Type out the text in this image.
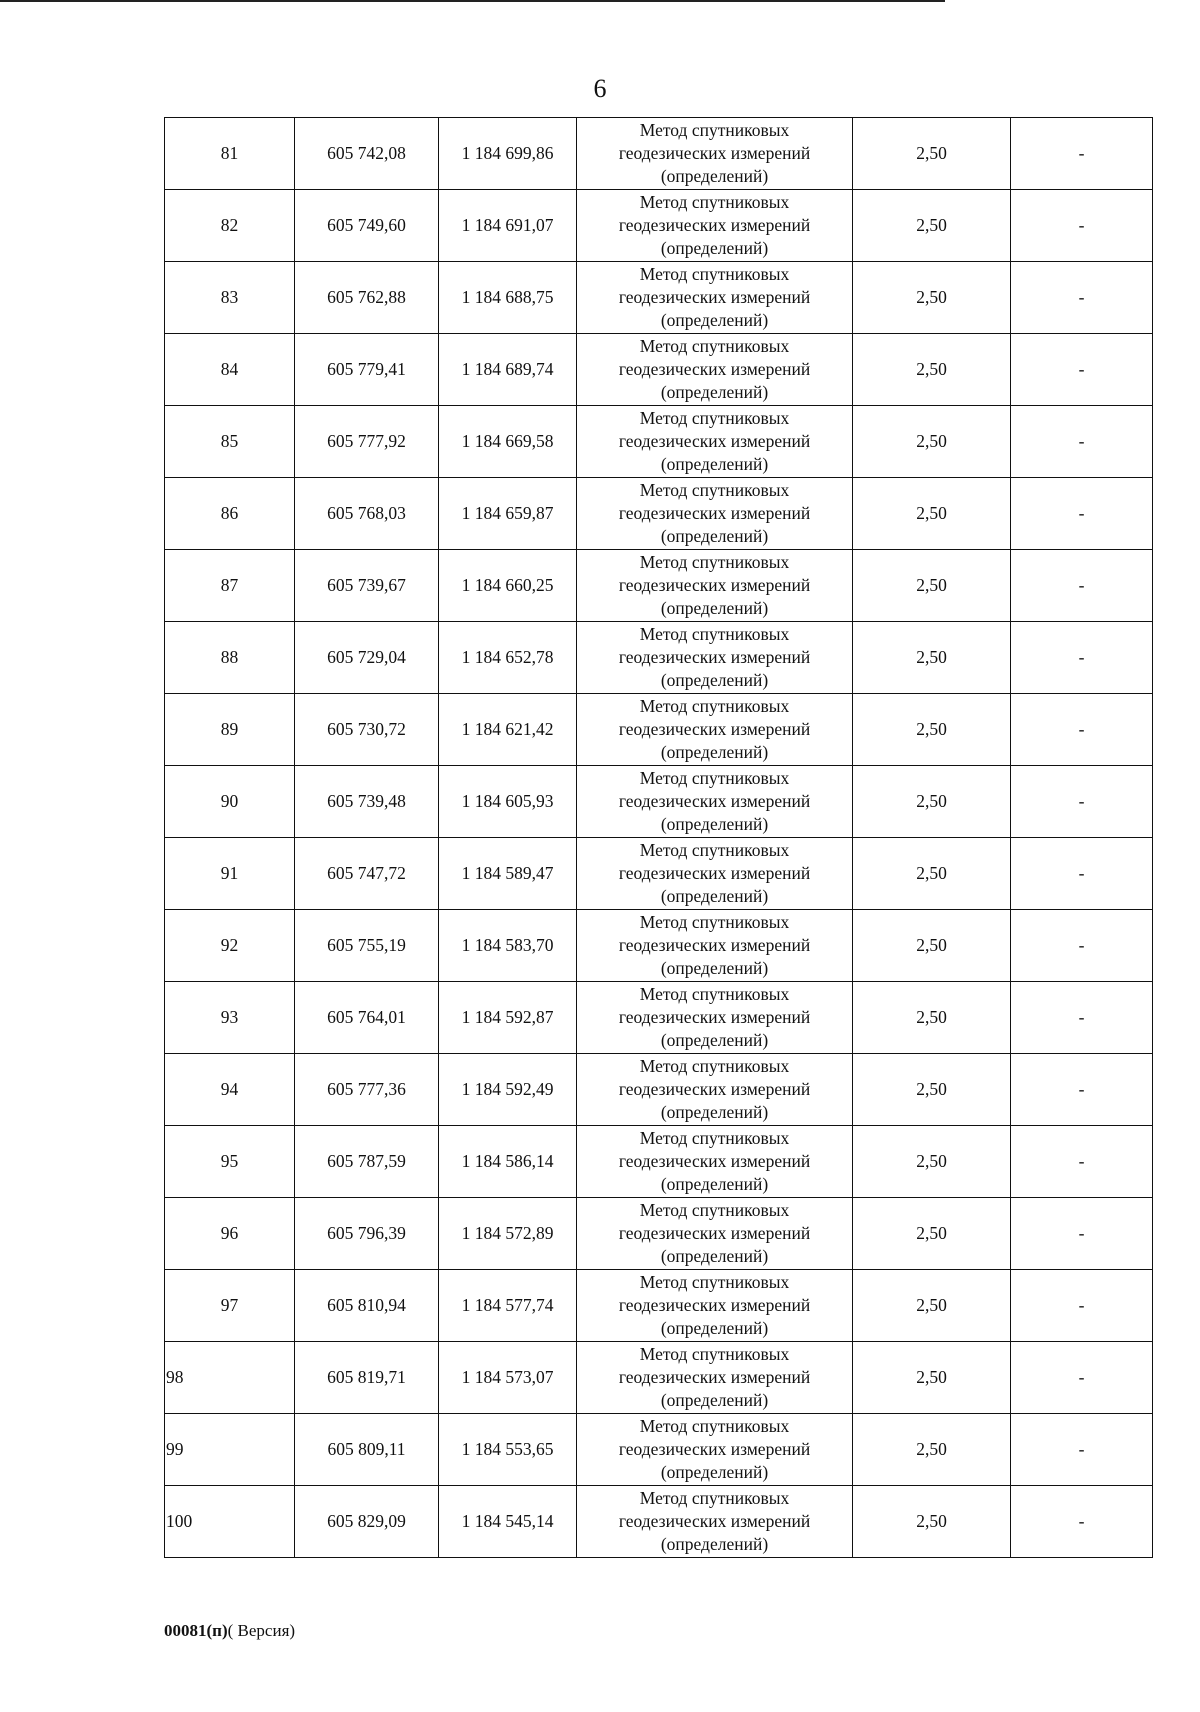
6
81	605 742,08	1 184 699,86	Метод спутниковых
геодезических измерений
(определений)	2,50	-
82	605 749,60	1 184 691,07	Метод спутниковых
геодезических измерений
(определений)	2,50	-
83	605 762,88	1 184 688,75	Метод спутниковых
геодезических измерений
(определений)	2,50	-
84	605 779,41	1 184 689,74	Метод спутниковых
геодезических измерений
(определений)	2,50	-
85	605 777,92	1 184 669,58	Метод спутниковых
геодезических измерений
(определений)	2,50	-
86	605 768,03	1 184 659,87	Метод спутниковых
геодезических измерений
(определений)	2,50	-
87	605 739,67	1 184 660,25	Метод спутниковых
геодезических измерений
(определений)	2,50	-
88	605 729,04	1 184 652,78	Метод спутниковых
геодезических измерений
(определений)	2,50	-
89	605 730,72	1 184 621,42	Метод спутниковых
геодезических измерений
(определений)	2,50	-
90	605 739,48	1 184 605,93	Метод спутниковых
геодезических измерений
(определений)	2,50	-
91	605 747,72	1 184 589,47	Метод спутниковых
геодезических измерений
(определений)	2,50	-
92	605 755,19	1 184 583,70	Метод спутниковых
геодезических измерений
(определений)	2,50	-
93	605 764,01	1 184 592,87	Метод спутниковых
геодезических измерений
(определений)	2,50	-
94	605 777,36	1 184 592,49	Метод спутниковых
геодезических измерений
(определений)	2,50	-
95	605 787,59	1 184 586,14	Метод спутниковых
геодезических измерений
(определений)	2,50	-
96	605 796,39	1 184 572,89	Метод спутниковых
геодезических измерений
(определений)	2,50	-
97	605 810,94	1 184 577,74	Метод спутниковых
геодезических измерений
(определений)	2,50	-
98	605 819,71	1 184 573,07	Метод спутниковых
геодезических измерений
(определений)	2,50	-
99	605 809,11	1 184 553,65	Метод спутниковых
геодезических измерений
(определений)	2,50	-
100	605 829,09	1 184 545,14	Метод спутниковых
геодезических измерений
(определений)	2,50	-
00081(п)( Версия)
